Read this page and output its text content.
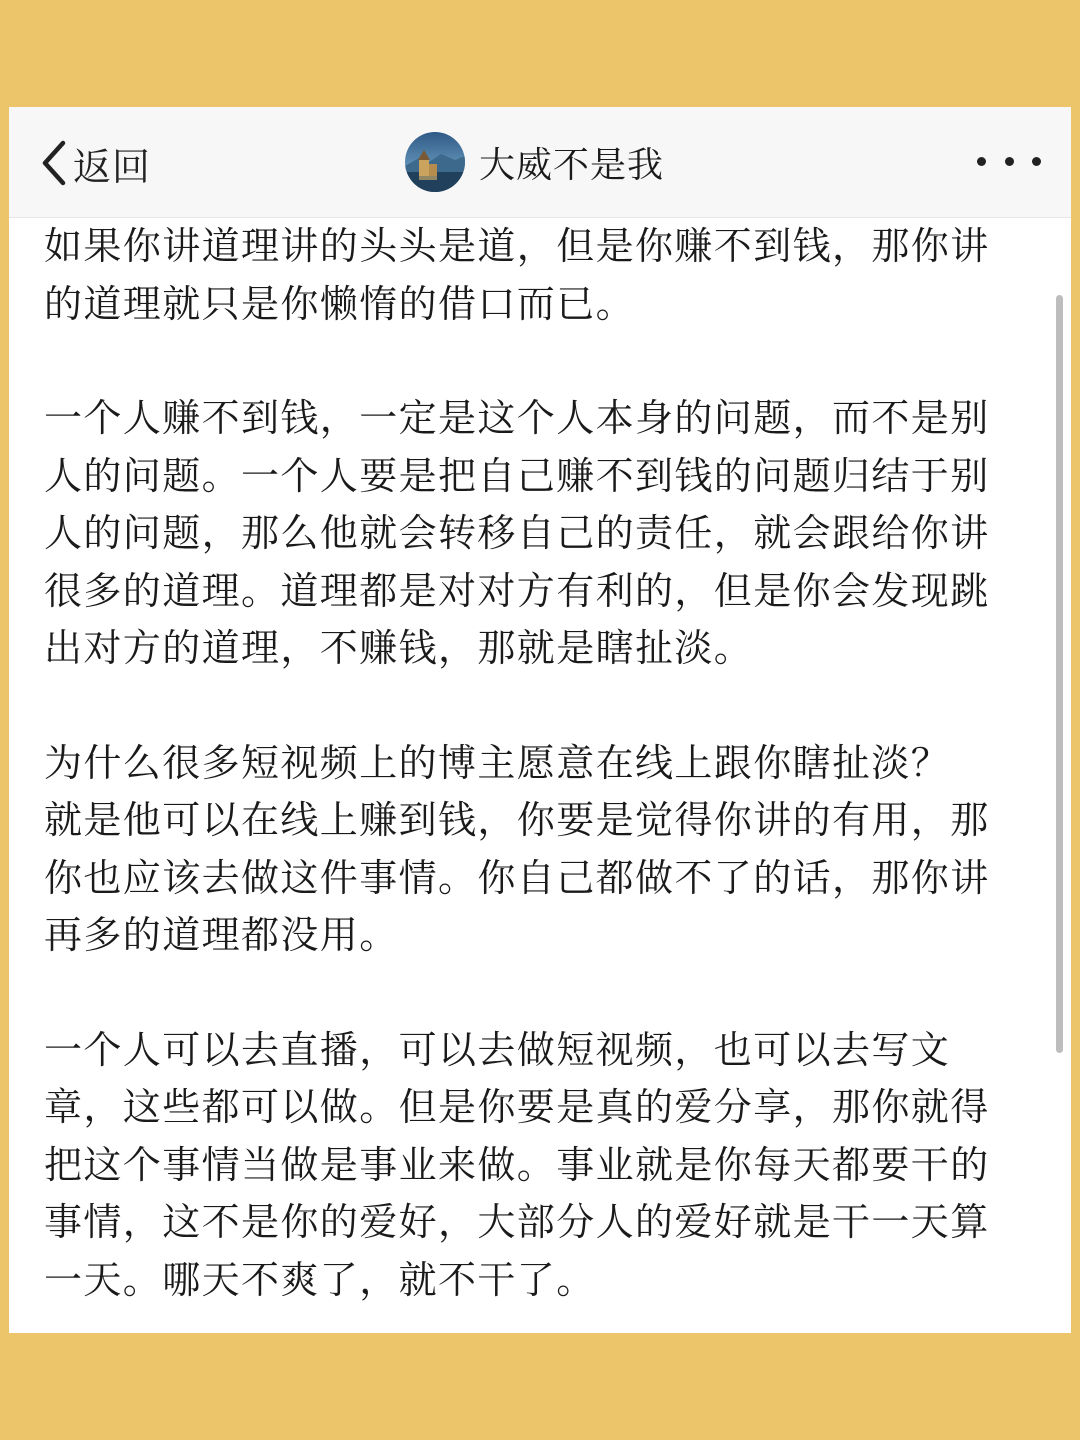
返回	大威不是我

如果你讲道理讲的头头是道，但是你赚不到钱，那你讲的道理就只是你懒惰的借口而已。

一个人赚不到钱，一定是这个人本身的问题，而不是别人的问题。一个人要是把自己赚不到钱的问题归结于别人的问题，那么他就会转移自己的责任，就会跟给你讲很多的道理。道理都是对对方有利的，但是你会发现跳出对方的道理，不赚钱，那就是瞎扯淡。

为什么很多短视频上的博主愿意在线上跟你瞎扯淡？
就是他可以在线上赚到钱，你要是觉得你讲的有用，那你也应该去做这件事情。你自己都做不了的话，那你讲再多的道理都没用。

一个人可以去直播，可以去做短视频，也可以去写文章，这些都可以做。但是你要是真的爱分享，那你就得把这个事情当做是事业来做。事业就是你每天都要干的事情，这不是你的爱好，大部分人的爱好就是干一天算一天。哪天不爽了，就不干了。
